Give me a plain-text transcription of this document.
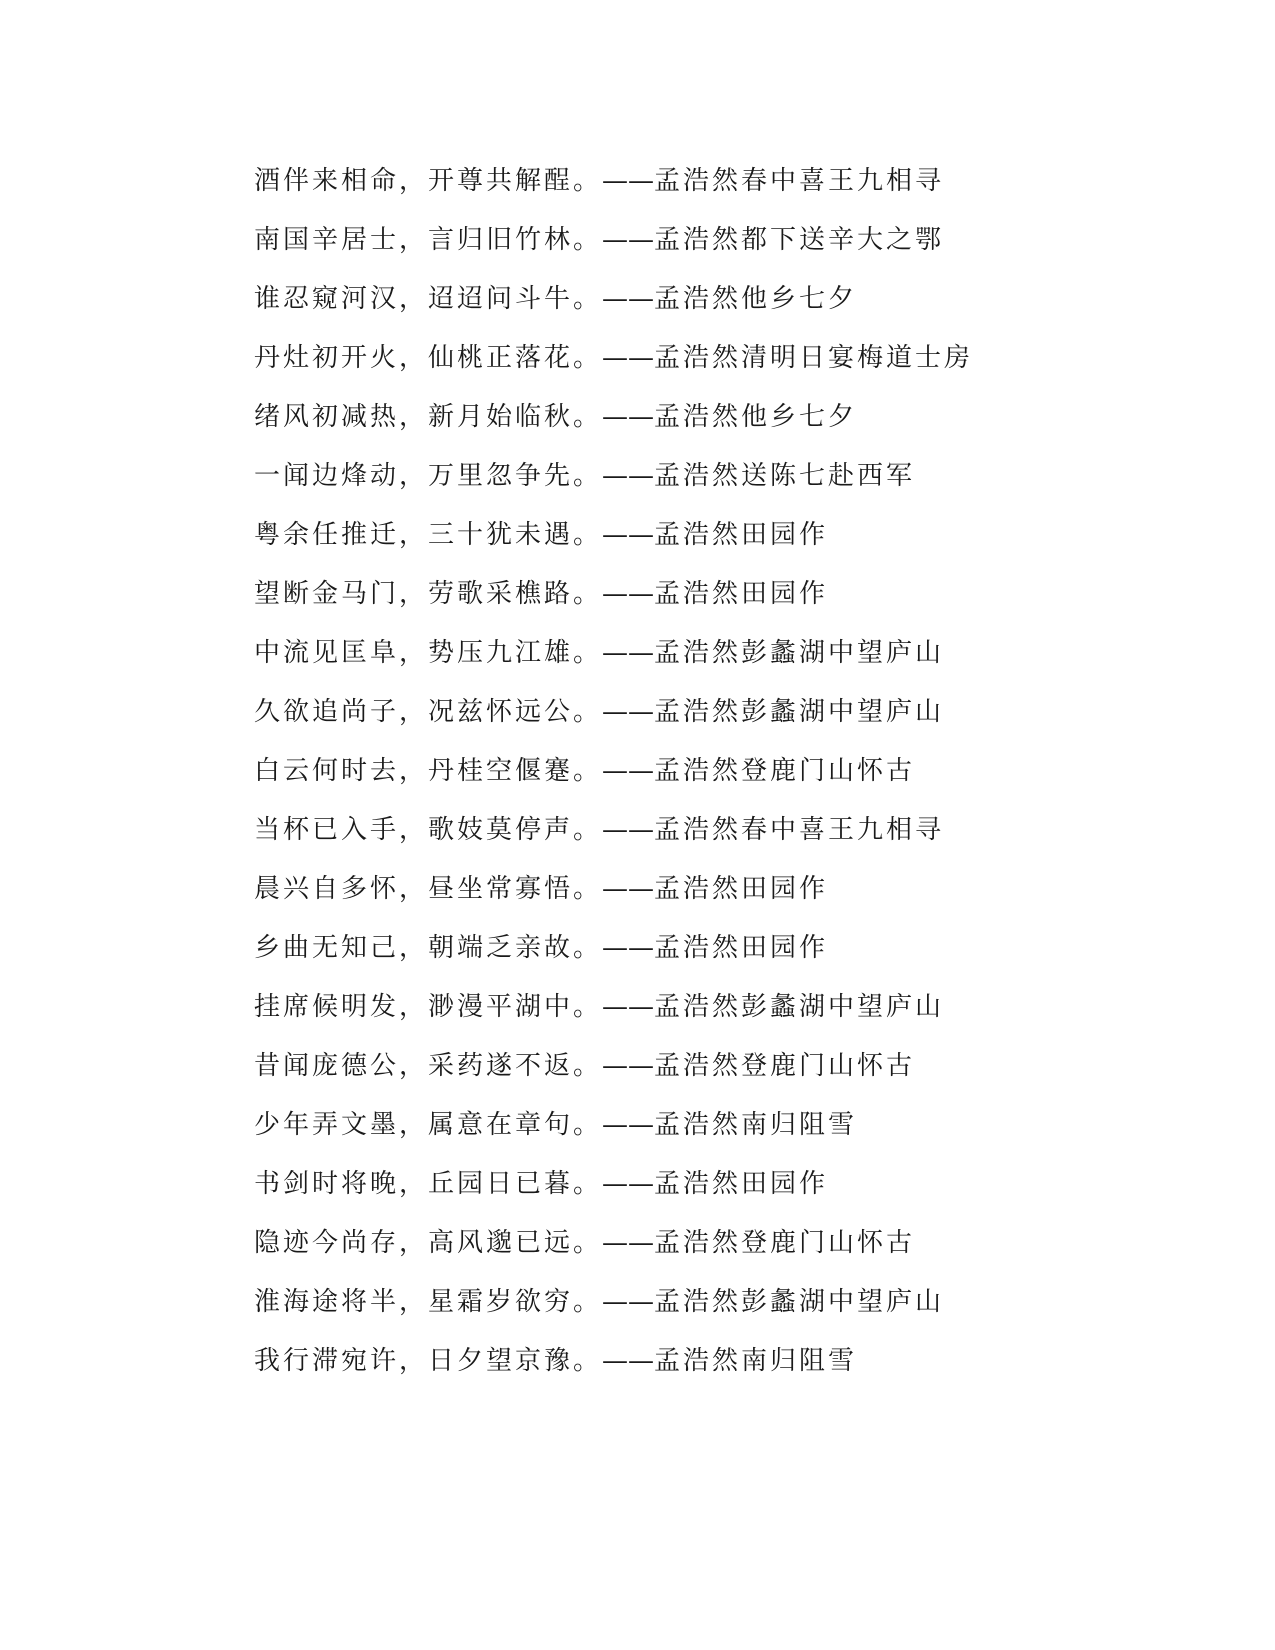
酒伴来相命，开尊共解酲。——孟浩然春中喜王九相寻
南国辛居士，言归旧竹林。——孟浩然都下送辛大之鄂
谁忍窥河汉，迢迢问斗牛。——孟浩然他乡七夕
丹灶初开火，仙桃正落花。——孟浩然清明日宴梅道士房
绪风初减热，新月始临秋。——孟浩然他乡七夕
一闻边烽动，万里忽争先。——孟浩然送陈七赴西军
粤余任推迁，三十犹未遇。——孟浩然田园作
望断金马门，劳歌采樵路。——孟浩然田园作
中流见匡阜，势压九江雄。——孟浩然彭蠡湖中望庐山
久欲追尚子，况兹怀远公。——孟浩然彭蠡湖中望庐山
白云何时去，丹桂空偃蹇。——孟浩然登鹿门山怀古
当杯已入手，歌妓莫停声。——孟浩然春中喜王九相寻
晨兴自多怀，昼坐常寡悟。——孟浩然田园作
乡曲无知己，朝端乏亲故。——孟浩然田园作
挂席候明发，渺漫平湖中。——孟浩然彭蠡湖中望庐山
昔闻庞德公，采药遂不返。——孟浩然登鹿门山怀古
少年弄文墨，属意在章句。——孟浩然南归阻雪
书剑时将晚，丘园日已暮。——孟浩然田园作
隐迹今尚存，高风邈已远。——孟浩然登鹿门山怀古
淮海途将半，星霜岁欲穷。——孟浩然彭蠡湖中望庐山
我行滞宛许，日夕望京豫。——孟浩然南归阻雪
